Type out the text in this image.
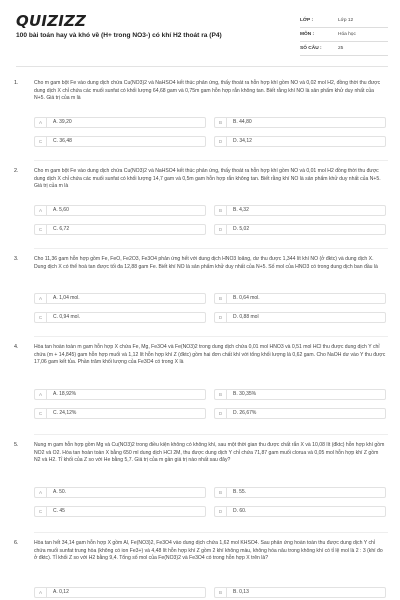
QUIZIZZ
100 bài toán hay và khó về (H+ trong NO3-) có khí H2 thoát ra (P4)
LỚP :	Lớp 12
MÔN :	Hóa học
SỐ CÂU :	25
1.	Cho m gam bột Fe vào dung dịch chứa Cu(NO3)2 và NaHSO4 kết thúc phản ứng, thấy thoát ra hỗn hợp khí gồm NO và 0,02 mol H2, đồng thời thu được dung dịch X chỉ chứa các muối sunfat có khối lượng 64,68 gam và 0,75m gam hỗn hợp rắn không tan. Biết rằng khí NO là sản phẩm khử duy nhất của N+5. Giá trị của m là

A	A. 39,20	B	B. 44,80
C	C. 36,48	D	D. 34,12
2.	Cho m gam bột Fe vào dung dịch chứa Cu(NO3)2 và NaHSO4 kết thúc phản ứng, thấy thoát ra hỗn hợp khí gồm NO và 0,01 mol H2 đồng thời thu được dung dịch X chỉ chứa các muối sunfat có khối lượng 14,7 gam và 0,5m gam hỗn hợp rắn không tan. Biết rằng khí NO là sản phẩm khử duy nhất của N+5. Giá trị của m là

A	A. 5,60	B	B. 4,32
C	C. 6,72	D	D. 5,02
3.	Cho 11,36 gam hỗn hợp gồm Fe, FeO, Fe2O3, Fe3O4 phản ứng hết với dung dịch HNO3 loãng, dư thu được 1,344 lít khí NO (ở đktc) và dung dịch X. Dung dịch X có thể hoà tan được tối đa 12,88 gam Fe. Biết khí NO là sản phẩm khử duy nhất của N+5. Số mol của HNO3 có trong dung dịch ban đầu là

A	A. 1,04 mol.	B	B. 0,64 mol.
C	C. 0,94 mol.	D	D. 0,88 mol
4.	Hòa tan hoàn toàn m gam hỗn hợp X chứa Fe, Mg, Fe3O4 và Fe(NO3)2 trong dung dịch chứa 0,01 mol HNO3 và 0,51 mol HCl thu được dung dịch Y chỉ chứa (m + 14,845) gam hỗn hợp muối và 1,12 lít hỗn hợp khí Z (đktc) gồm hai đơn chất khí với tổng khối lượng là 0,62 gam. Cho NaOH dư vào Y thu được 17,06 gam kết tủa. Phần trăm khối lượng của Fe3O4 có trong X là

A	A. 18,92%	B	B. 30,35%
C	C. 24,12%	D	D. 26,67%
5.	Nung m gam hỗn hợp gồm Mg và Cu(NO3)2 trong điều kiện không có không khí, sau một thời gian thu được chất rắn X và 10,08 lít (đktc) hỗn hợp khí gồm NO2 và O2. Hòa tan hoàn toàn X bằng 650 ml dung dịch HCl 2M, thu được dung dịch Y chỉ chứa 71,87 gam muối clorua và 0,05 mol hỗn hợp khí Z gồm N2 và H2. Tỉ khối của Z so với He bằng 5,7. Giá trị của m gần giá trị nào nhất sau đây?

A	A. 50.	B	B. 55.
C	C. 45	D	D. 60.
6.	Hòa tan hết 34,14 gam hỗn hợp X gồm Al, Fe(NO3)2, Fe3O4 vào dung dịch chứa 1,62 mol KHSO4. Sau phản ứng hoàn toàn thu được dung dịch Y chỉ chứa muối sunfat trung hòa (không có ion Fe3+) và 4,48 lít hỗn hợp khí Z gồm 2 khí không màu, không hóa nâu trong không khí có tỉ lệ mol là 2 : 3 (khí đo ở đktc). Tỉ khối Z so với H2 bằng 9,4. Tổng số mol của Fe(NO3)2 và Fe3O4 có trong hỗn hợp X trên là?

A	A. 0,12	B	B. 0,13
